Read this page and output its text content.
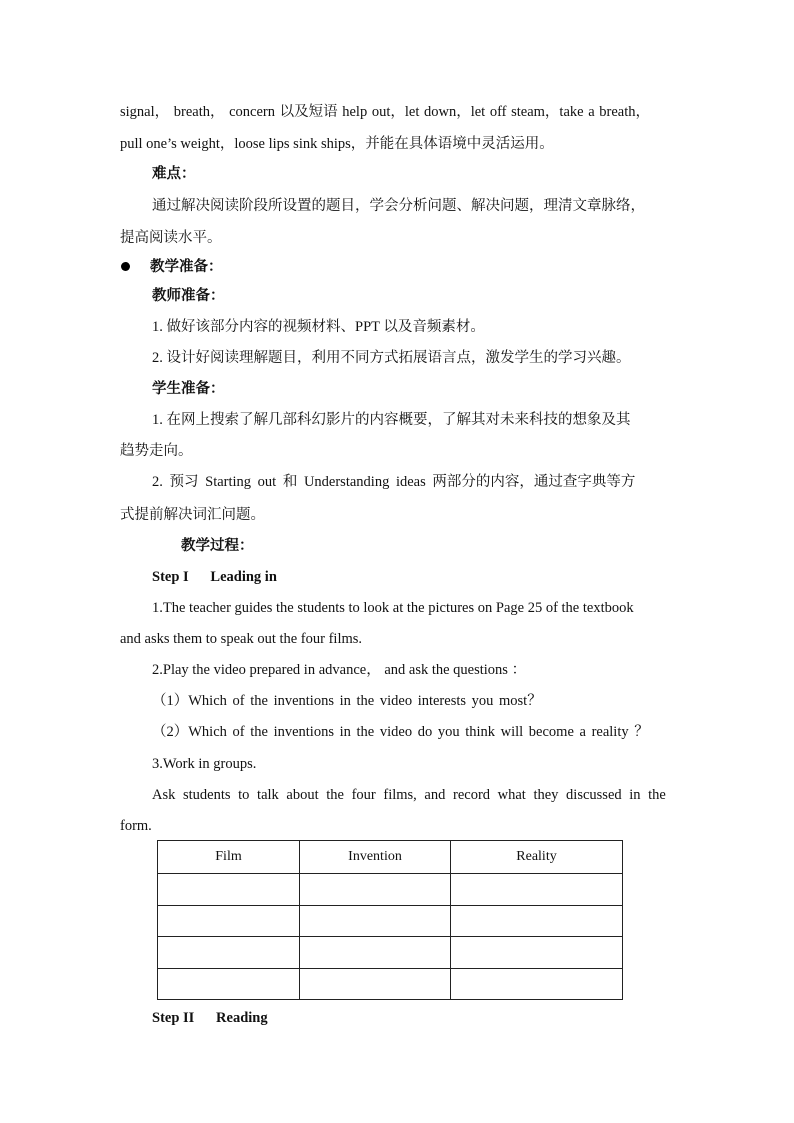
signal， breath， concern 以及短语 help out，let down，let off steam，take a breath，
pull one’s weight，loose lips sink ships，并能在具体语境中灵活运用。
难点：
通过解决阅读阶段所设置的题目，学会分析问题、解决问题，理清文章脉络，
提高阅读水平。
教学准备：
教师准备：
1. 做好该部分内容的视频材料、PPT 以及音频素材。
2. 设计好阅读理解题目，利用不同方式拓展语言点，激发学生的学习兴趣。
学生准备：
1. 在网上搜索了解几部科幻影片的内容概要，了解其对未来科技的想象及其
趋势走向。
2. 预习 Starting out 和 Understanding ideas 两部分的内容，通过查字典等方
式提前解决词汇问题。
教学过程：
Step I      Leading in
1.The teacher guides the students to look at the pictures on Page 25 of the textbook
and asks them to speak out the four films.
2.Play the video prepared in advance， and ask the questions ：
（1）Which of the inventions in the video interests you most？
（2）Which of the inventions in the video do you think will become a reality ？
3.Work in groups.
Ask students to talk about the four films, and record what they discussed in the
form.
Film	Invention	Reality

Step II      Reading
